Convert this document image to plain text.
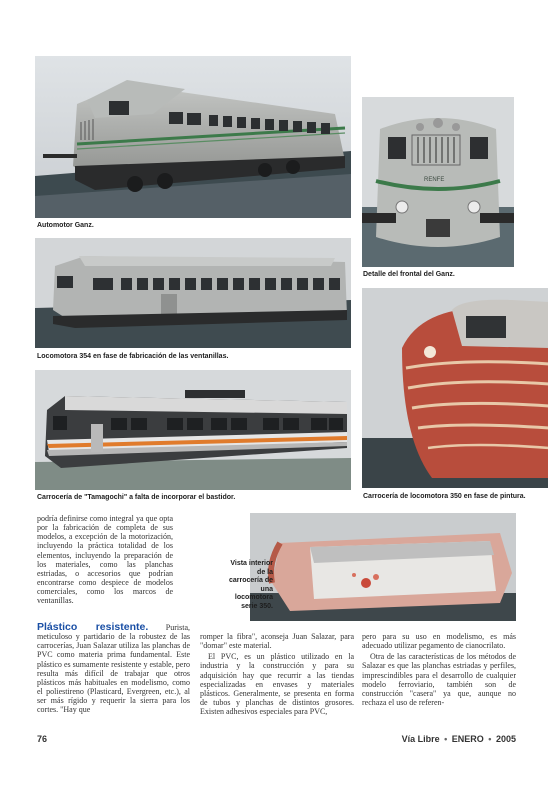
Automotor Ganz.
RENFE
Detalle del frontal del Ganz.
Locomotora 354 en fase de fabricación de las ventanillas.
Carrocería de locomotora 350 en fase de pintura.
Carrocería de "Tamagochi" a falta de incorporar el bastidor.
Vista interior
de la
carrocería de
una
locomotora
serie 350.

podría definirse como integral ya que opta por la fabricación de completa de sus modelos, a excepción de la motorización, incluyendo la práctica totalidad de los elementos, incluyendo la preparación de los materiales, como las planchas estriadas, o accesorios que podrían encontrarse como despiece de modelos comerciales, como los marcos de ventanillas.

Plástico resistente. Purista, meticuloso y partidario de la robustez de las carrocerías, Juan Salazar utiliza las planchas de PVC como materia prima fundamental. Este plástico es sumamente resistente y estable, pero resulta más difícil de trabajar que otros plásticos más habituales en modelismo, como el poliestireno (Plasticard, Evergreen, etc.), al ser más rígido y requerir la sierra para los cortes. "Hay que

romper la fibra", aconseja Juan Salazar, para "domar" este material.

El PVC, es un plástico utilizado en la industria y la construcción y para su adquisición hay que recurrir a las tiendas especializadas en envases y materiales plásticos. Generalmente, se presenta en forma de tubos y planchas de distintos grosores. Existen adhesivos especiales para PVC,

pero para su uso en modelismo, es más adecuado utilizar pegamento de cianocrilato.

Otra de las características de los métodos de Salazar es que las planchas estriadas y perfiles, imprescindibles para el desarrollo de cualquier modelo ferroviario, también son de construcción "casera" ya que, aunque no rechaza el uso de referen-

76	Vía Libre • ENERO • 2005
